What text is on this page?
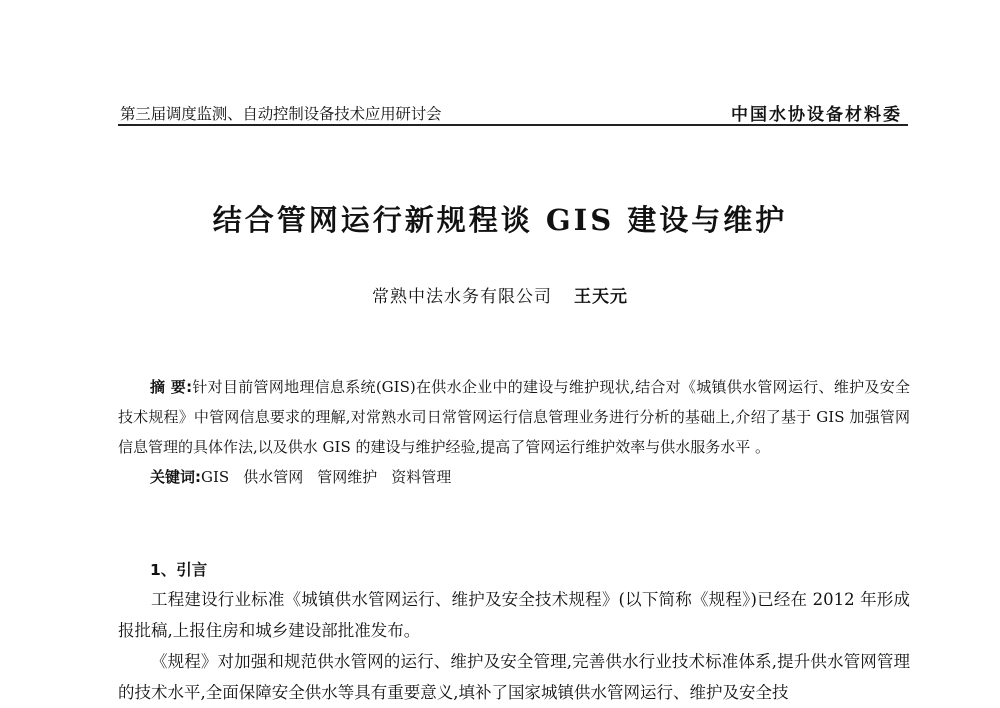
第三届调度监测、自动控制设备技术应用研讨会	中国水协设备材料委
结合管网运行新规程谈 GIS 建设与维护
常熟中法水务有限公司 王天元

摘 要:针对目前管网地理信息系统(GIS)在供水企业中的建设与维护现状,结合对《城镇供水管网运行、维护及安全技术规程》中管网信息要求的理解,对常熟水司日常管网运行信息管理业务进行分析的基础上,介绍了基于 GIS 加强管网信息管理的具体作法,以及供水 GIS 的建设与维护经验,提高了管网运行维护效率与供水服务水平 。

关键词:GIS 供水管网 管网维护 资料管理

1、引言

工程建设行业标准《城镇供水管网运行、维护及安全技术规程》(以下简称《规程》)已经在 2012 年形成报批稿,上报住房和城乡建设部批准发布。

《规程》对加强和规范供水管网的运行、维护及安全管理,完善供水行业技术标准体系,提升供水管网管理的技术水平,全面保障安全供水等具有重要意义,填补了国家城镇供水管网运行、维护及安全技
